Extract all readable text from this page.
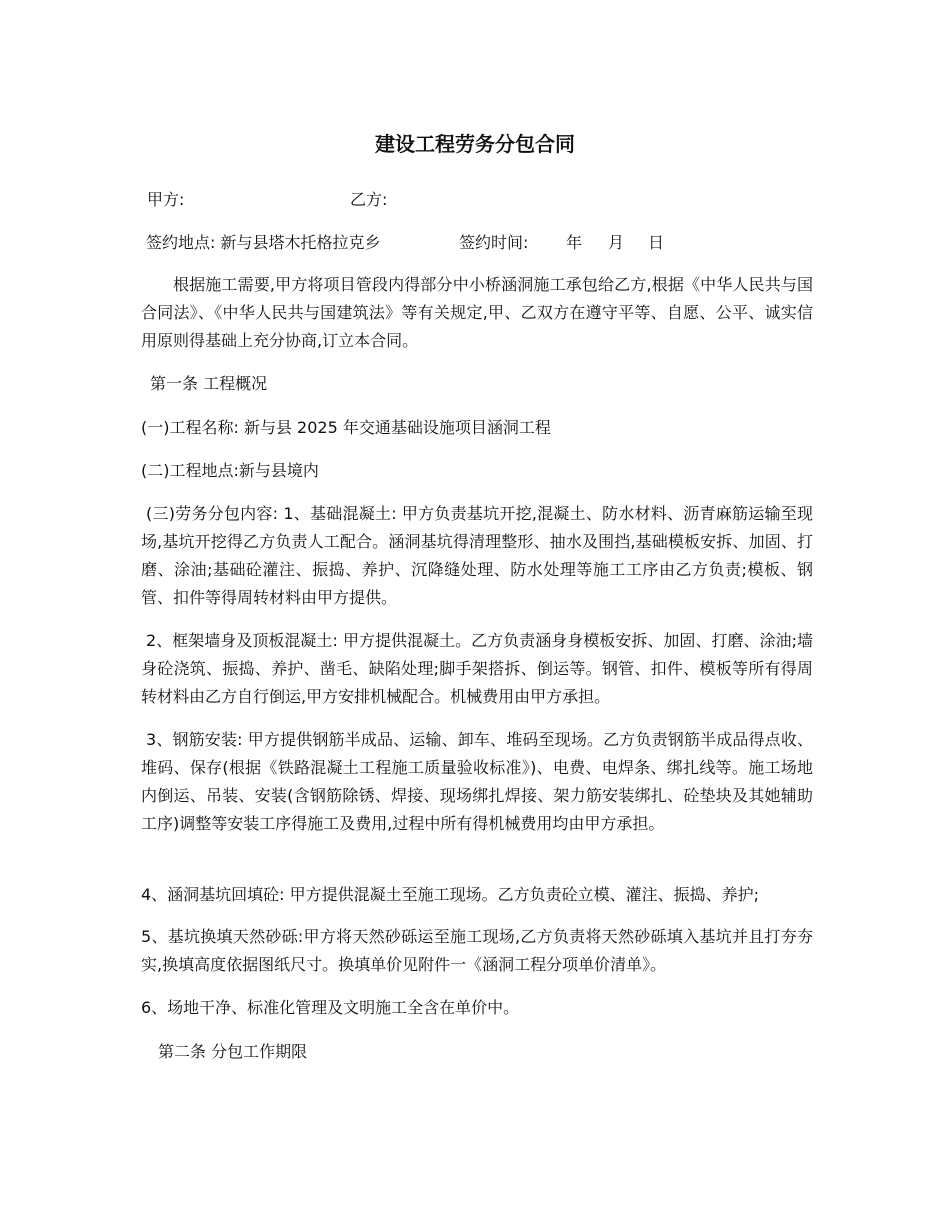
建设工程劳务分包合同
甲方:	乙方:
签约地点: 新与县塔木托格拉克乡	签约时间: 年 月 日
根据施工需要,甲方将项目管段内得部分中小桥涵洞施工承包给乙方,根据《中华人民共与国合同法》、《中华人民共与国建筑法》等有关规定,甲、乙双方在遵守平等、自愿、公平、诚实信用原则得基础上充分协商,订立本合同。
第一条 工程概况
(一)工程名称: 新与县 2025 年交通基础设施项目涵洞工程
(二)工程地点:新与县境内
(三)劳务分包内容: 1、基础混凝土: 甲方负责基坑开挖,混凝土、防水材料、沥青麻筋运输至现场,基坑开挖得乙方负责人工配合。涵洞基坑得清理整形、抽水及围挡,基础模板安拆、加固、打磨、涂油;基础砼灌注、振捣、养护、沉降缝处理、防水处理等施工工序由乙方负责;模板、钢管、扣件等得周转材料由甲方提供。
2、框架墙身及顶板混凝土: 甲方提供混凝土。乙方负责涵身身模板安拆、加固、打磨、涂油;墙身砼浇筑、振捣、养护、凿毛、缺陷处理;脚手架搭拆、倒运等。钢管、扣件、模板等所有得周转材料由乙方自行倒运,甲方安排机械配合。机械费用由甲方承担。
3、钢筋安装: 甲方提供钢筋半成品、运输、卸车、堆码至现场。乙方负责钢筋半成品得点收、堆码、保存(根据《铁路混凝土工程施工质量验收标准》)、电费、电焊条、绑扎线等。施工场地内倒运、吊装、安装(含钢筋除锈、焊接、现场绑扎焊接、架力筋安装绑扎、砼垫块及其她辅助工序)调整等安装工序得施工及费用,过程中所有得机械费用均由甲方承担。
4、涵洞基坑回填砼: 甲方提供混凝土至施工现场。乙方负责砼立模、灌注、振捣、养护;
5、基坑换填天然砂砾:甲方将天然砂砾运至施工现场,乙方负责将天然砂砾填入基坑并且打夯夯实,换填高度依据图纸尺寸。换填单价见附件一《涵洞工程分项单价清单》。
6、场地干净、标准化管理及文明施工全含在单价中。
第二条 分包工作期限
